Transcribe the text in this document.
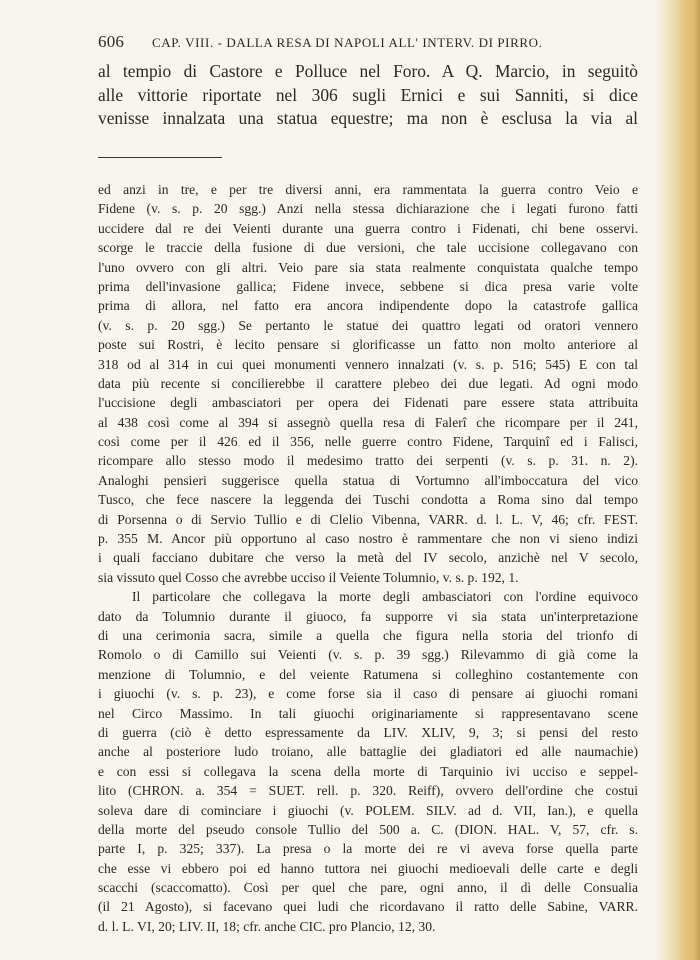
606	CAP. VIII. - DALLA RESA DI NAPOLI ALL' INTERV. DI PIRRO.
al tempio di Castore e Polluce nel Foro. A Q. Marcio, in seguitò
alle vittorie riportate nel 306 sugli Ernici e sui Sanniti, si dice
venisse innalzata una statua equestre; ma non è esclusa la via al
ed anzi in tre, e per tre diversi anni, era rammentata la guerra contro Veio e
Fidene (v. s. p. 20 sgg.) Anzi nella stessa dichiarazione che i legati furono fatti
uccidere dal re dei Veienti durante una guerra contro i Fidenati, chi bene osservi.
scorge le traccie della fusione di due versioni, che tale uccisione collegavano con
l'uno ovvero con gli altri. Veio pare sia stata realmente conquistata qualche tempo
prima dell'invasione gallica; Fidene invece, sebbene si dica presa varie volte
prima di allora, nel fatto era ancora indipendente dopo la catastrofe gallica
(v. s. p. 20 sgg.) Se pertanto le statue dei quattro legati od oratori vennero
poste sui Rostri, è lecito pensare si glorificasse un fatto non molto anteriore al
318 od al 314 in cui quei monumenti vennero innalzati (v. s. p. 516; 545) E con tal
data più recente si concilierebbe il carattere plebeo dei due legati. Ad ogni modo
l'uccisione degli ambasciatori per opera dei Fidenati pare essere stata attribuita
al 438 così come al 394 si assegnò quella resa di Falerî che ricompare per il 241,
così come per il 426 ed il 356, nelle guerre contro Fidene, Tarquinî ed i Falisci,
ricompare allo stesso modo il medesimo tratto dei serpenti (v. s. p. 31. n. 2).
Analoghi pensieri suggerisce quella statua di Vortumno all'imboccatura del vico
Tusco, che fece nascere la leggenda dei Tuschi condotta a Roma sino dal tempo
di Porsenna o di Servio Tullio e di Clelio Vibenna, VARR. d. l. L. V, 46; cfr. FEST.
p. 355 M. Ancor più opportuno al caso nostro è rammentare che non vi sieno indizi
i quali facciano dubitare che verso la metà del IV secolo, anzichè nel V secolo,
sia vissuto quel Cosso che avrebbe ucciso il Veiente Tolumnio, v. s. p. 192, 1.
Il particolare che collegava la morte degli ambasciatori con l'ordine equivoco
dato da Tolumnio durante il giuoco, fa supporre vi sia stata un'interpretazione
di una cerimonia sacra, simile a quella che figura nella storia del trionfo di
Romolo o di Camillo sui Veienti (v. s. p. 39 sgg.) Rilevammo di già come la
menzione di Tolumnio, e del veiente Ratumena si colleghino costantemente con
i giuochi (v. s. p. 23), e come forse sia il caso di pensare ai giuochi romani
nel Circo Massimo. In tali giuochi originariamente si rappresentavano scene
di guerra (ciò è detto espressamente da LIV. XLIV, 9, 3; si pensi del resto
anche al posteriore ludo troiano, alle battaglie dei gladiatori ed alle naumachie)
e con essi si collegava la scena della morte di Tarquinio ivi ucciso e seppel-
lito (CHRON. a. 354 = SUET. rell. p. 320. Reiff), ovvero dell'ordine che costui
soleva dare di cominciare i giuochi (v. POLEM. SILV. ad d. VII, Ian.), e quella
della morte del pseudo console Tullio del 500 a. C. (DION. HAL. V, 57, cfr. s.
parte I, p. 325; 337). La presa o la morte dei re vi aveva forse quella parte
che esse vi ebbero poi ed hanno tuttora nei giuochi medioevali delle carte e degli
scacchi (scaccomatto). Così per quel che pare, ogni anno, il dì delle Consualia
(il 21 Agosto), si facevano quei ludi che ricordavano il ratto delle Sabine, VARR.
d. l. L. VI, 20; LIV. II, 18; cfr. anche CIC. pro Plancio, 12, 30.
